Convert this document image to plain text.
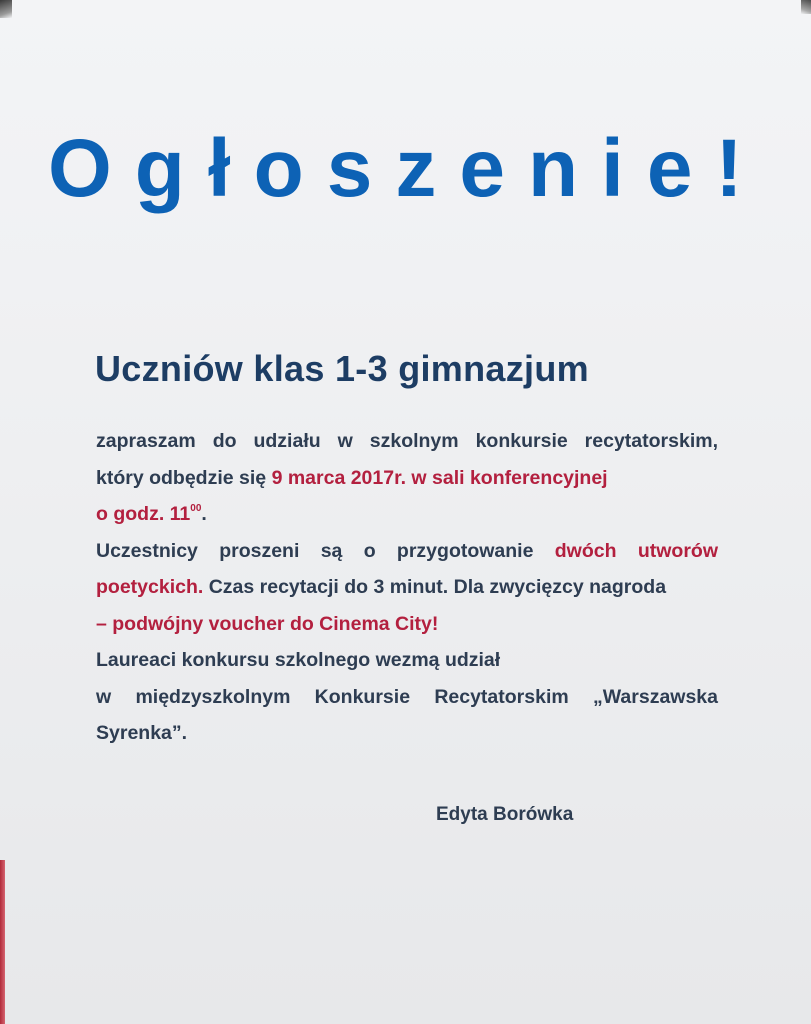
Ogłoszenie!
Uczniów klas 1-3 gimnazjum
zapraszam do udziału w szkolnym konkursie recytatorskim,
który odbędzie się 9 marca 2017r. w sali konferencyjnej
o godz. $11^{00}$.
Uczestnicy proszeni są o przygotowanie dwóch utworów
poetyckich. Czas recytacji do 3 minut. Dla zwycięzcy nagroda
– podwójny voucher do Cinema City!
Laureaci konkursu szkolnego wezmą udział
w międzyszkolnym Konkursie Recytatorskim „Warszawska
Syrenka”.
Edyta Borówka
